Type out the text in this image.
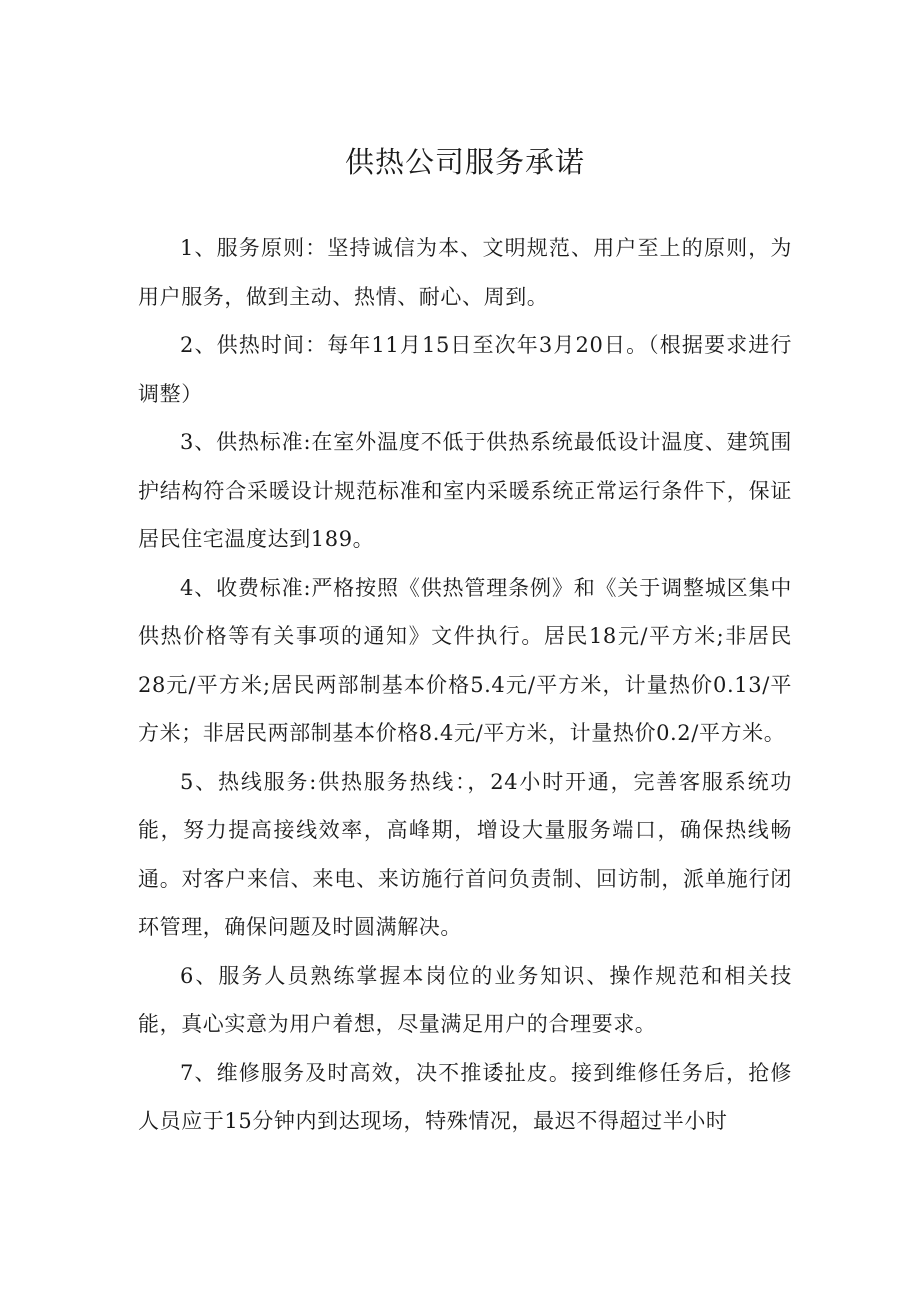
供热公司服务承诺

1、服务原则：坚持诚信为本、文明规范、用户至上的原则，为用户服务，做到主动、热情、耐心、周到。

2、供热时间：每年11月15日至次年3月20日。（根据要求进行调整）

3、供热标准:在室外温度不低于供热系统最低设计温度、建筑围护结构符合采暖设计规范标准和室内采暖系统正常运行条件下，保证居民住宅温度达到189。

4、收费标准:严格按照《供热管理条例》和《关于调整城区集中供热价格等有关事项的通知》文件执行。居民18元/平方米;非居民28元/平方米;居民两部制基本价格5.4元/平方米，计量热价0.13/平方米；非居民两部制基本价格8.4元/平方米，计量热价0.2/平方米。

5、热线服务:供热服务热线：，24小时开通，完善客服系统功能，努力提高接线效率，高峰期，增设大量服务端口，确保热线畅通。对客户来信、来电、来访施行首问负责制、回访制，派单施行闭环管理，确保问题及时圆满解决。

6、服务人员熟练掌握本岗位的业务知识、操作规范和相关技能，真心实意为用户着想，尽量满足用户的合理要求。

7、维修服务及时高效，决不推诿扯皮。接到维修任务后，抢修人员应于15分钟内到达现场，特殊情况，最迟不得超过半小时
